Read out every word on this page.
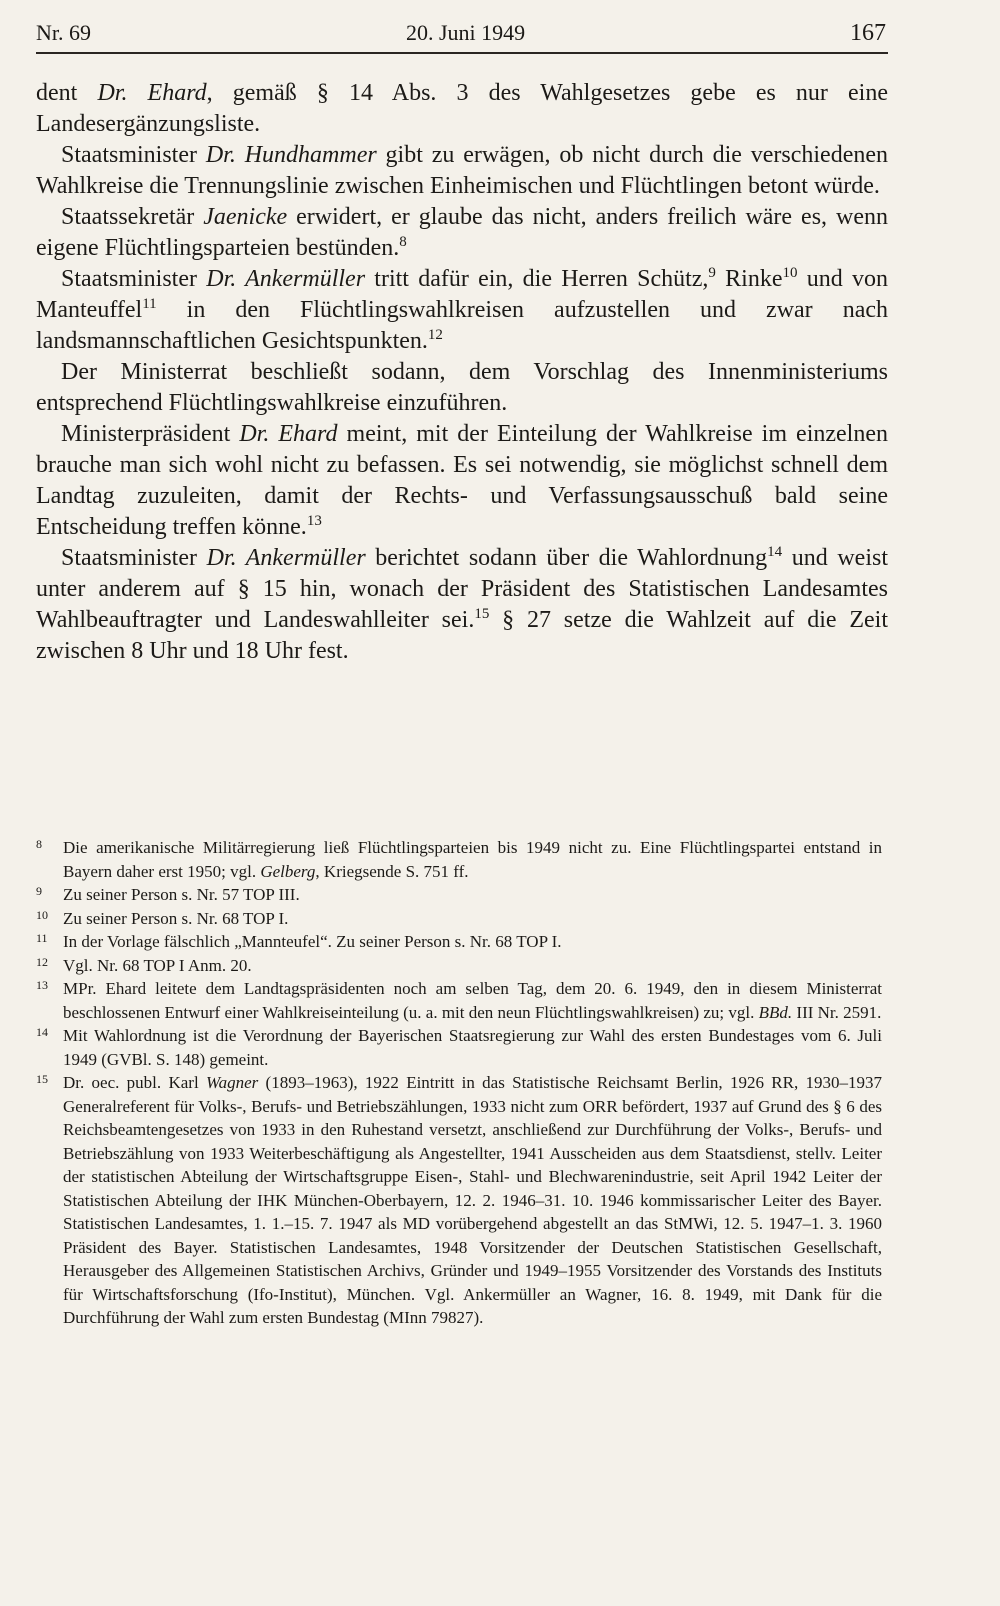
Nr. 69	20. Juni 1949	167

dent Dr. Ehard, gemäß § 14 Abs. 3 des Wahlgesetzes gebe es nur eine Landesergänzungsliste.

Staatsminister Dr. Hundhammer gibt zu erwägen, ob nicht durch die verschiedenen Wahlkreise die Trennungslinie zwischen Einheimischen und Flüchtlingen betont würde.

Staatssekretär Jaenicke erwidert, er glaube das nicht, anders freilich wäre es, wenn eigene Flüchtlingsparteien bestünden.$^8$

Staatsminister Dr. Ankermüller tritt dafür ein, die Herren Schütz,$^9$ Rinke$^{10}$ und von Manteuffel$^{11}$ in den Flüchtlingswahlkreisen aufzustellen und zwar nach landsmannschaftlichen Gesichtspunkten.$^{12}$

Der Ministerrat beschließt sodann, dem Vorschlag des Innenministeriums entsprechend Flüchtlingswahlkreise einzuführen.

Ministerpräsident Dr. Ehard meint, mit der Einteilung der Wahlkreise im einzelnen brauche man sich wohl nicht zu befassen. Es sei notwendig, sie möglichst schnell dem Landtag zuzuleiten, damit der Rechts- und Verfassungsausschuß bald seine Entscheidung treffen könne.$^{13}$

Staatsminister Dr. Ankermüller berichtet sodann über die Wahlordnung$^{14}$ und weist unter anderem auf § 15 hin, wonach der Präsident des Statistischen Landesamtes Wahlbeauftragter und Landeswahlleiter sei.$^{15}$ § 27 setze die Wahlzeit auf die Zeit zwischen 8 Uhr und 18 Uhr fest.

8 Die amerikanische Militärregierung ließ Flüchtlingsparteien bis 1949 nicht zu. Eine Flüchtlingspartei entstand in Bayern daher erst 1950; vgl. Gelberg, Kriegsende S. 751 ff.

9 Zu seiner Person s. Nr. 57 TOP III.

10 Zu seiner Person s. Nr. 68 TOP I.

11 In der Vorlage fälschlich „Mannteufel“. Zu seiner Person s. Nr. 68 TOP I.

12 Vgl. Nr. 68 TOP I Anm. 20.

13 MPr. Ehard leitete dem Landtagspräsidenten noch am selben Tag, dem 20. 6. 1949, den in diesem Ministerrat beschlossenen Entwurf einer Wahlkreiseinteilung (u. a. mit den neun Flüchtlingswahlkreisen) zu; vgl. BBd. III Nr. 2591.

14 Mit Wahlordnung ist die Verordnung der Bayerischen Staatsregierung zur Wahl des ersten Bundestages vom 6. Juli 1949 (GVBl. S. 148) gemeint.

15 Dr. oec. publ. Karl Wagner (1893–1963), 1922 Eintritt in das Statistische Reichsamt Berlin, 1926 RR, 1930–1937 Generalreferent für Volks-, Berufs- und Betriebszählungen, 1933 nicht zum ORR befördert, 1937 auf Grund des § 6 des Reichsbeamtengesetzes von 1933 in den Ruhestand versetzt, anschließend zur Durchführung der Volks-, Berufs- und Betriebszählung von 1933 Weiterbeschäftigung als Angestellter, 1941 Ausscheiden aus dem Staatsdienst, stellv. Leiter der statistischen Abteilung der Wirtschaftsgruppe Eisen-, Stahl- und Blechwarenindustrie, seit April 1942 Leiter der Statistischen Abteilung der IHK München-Oberbayern, 12. 2. 1946–31. 10. 1946 kommissarischer Leiter des Bayer. Statistischen Landesamtes, 1. 1.–15. 7. 1947 als MD vorübergehend abgestellt an das StMWi, 12. 5. 1947–1. 3. 1960 Präsident des Bayer. Statistischen Landesamtes, 1948 Vorsitzender der Deutschen Statistischen Gesellschaft, Herausgeber des Allgemeinen Statistischen Archivs, Gründer und 1949–1955 Vorsitzender des Vorstands des Instituts für Wirtschaftsforschung (Ifo-Institut), München. Vgl. Ankermüller an Wagner, 16. 8. 1949, mit Dank für die Durchführung der Wahl zum ersten Bundestag (MInn 79827).
